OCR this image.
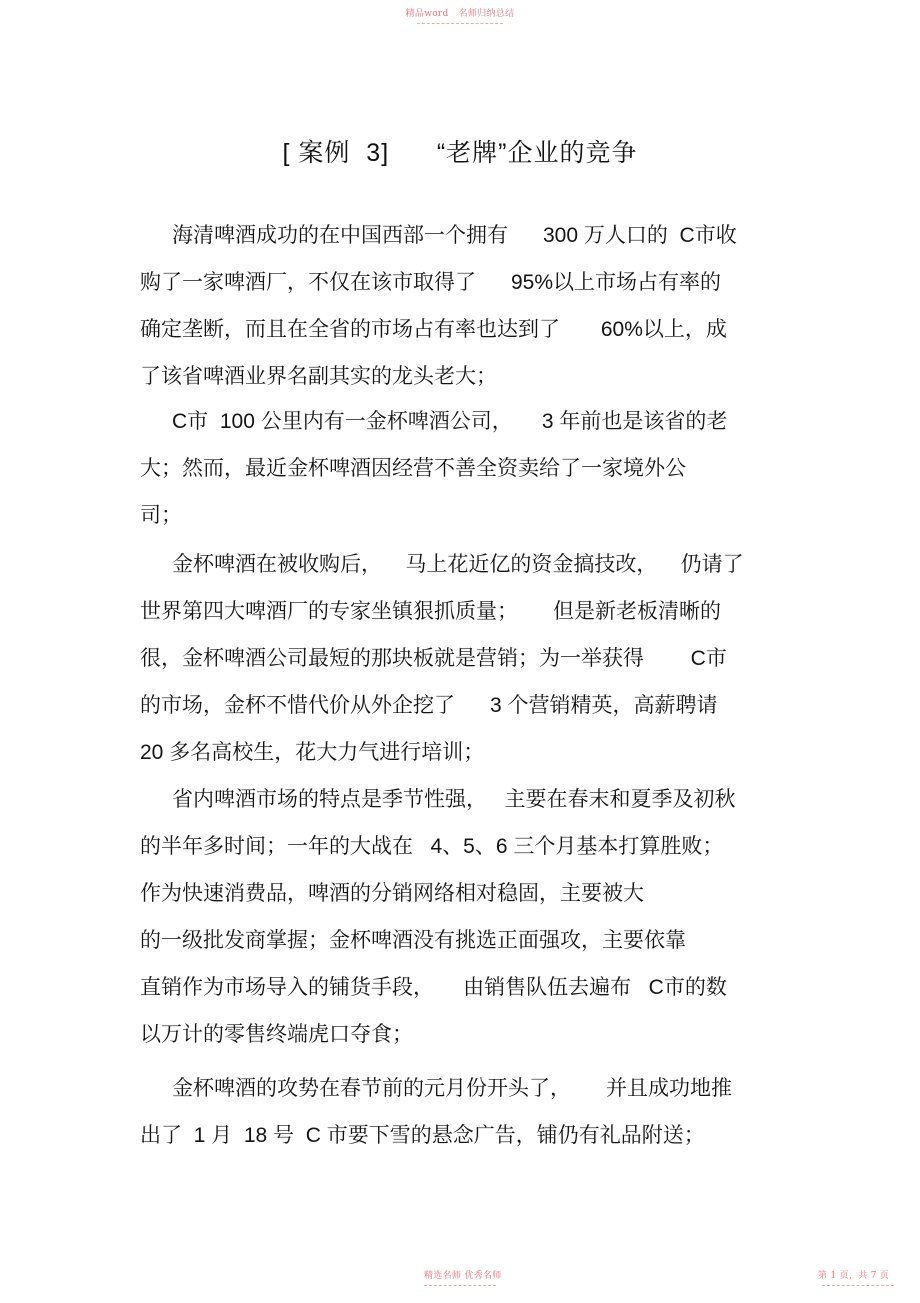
精品word 名师归纳总结
[ 案例  3]      “老牌”企业的竞争
海清啤酒成功的在中国西部一个拥有      300 万人口的  C市收
购了一家啤酒厂，不仅在该市取得了      95%以上市场占有率的
确定垄断，而且在全省的市场占有率也达到了       60%以上，成
了该省啤酒业界名副其实的龙头老大；
C市  100 公里内有一金杯啤酒公司，     3 年前也是该省的老
大；然而，最近金杯啤酒因经营不善全资卖给了一家境外公
司；
金杯啤酒在被收购后，    马上花近亿的资金搞技改，    仍请了
世界第四大啤酒厂的专家坐镇狠抓质量；      但是新老板清晰的
很，金杯啤酒公司最短的那块板就是营销；为一举获得        C市
的市场，金杯不惜代价从外企挖了      3 个营销精英，高薪聘请
20 多名高校生，花大力气进行培训；
省内啤酒市场的特点是季节性强，   主要在春末和夏季及初秋
的半年多时间；一年的大战在   4、5、6 三个月基本打算胜败；
作为快速消费品，啤酒的分销网络相对稳固，主要被大
的一级批发商掌握；金杯啤酒没有挑选正面强攻，主要依靠
直销作为市场导入的铺货手段，     由销售队伍去遍布   C市的数
以万计的零售终端虎口夺食；
金杯啤酒的攻势在春节前的元月份开头了，      并且成功地推
出了  1 月  18 号  C 市要下雪的悬念广告，铺仍有礼品附送；
精选名师 优秀名师	第 1 页，共 7 页
